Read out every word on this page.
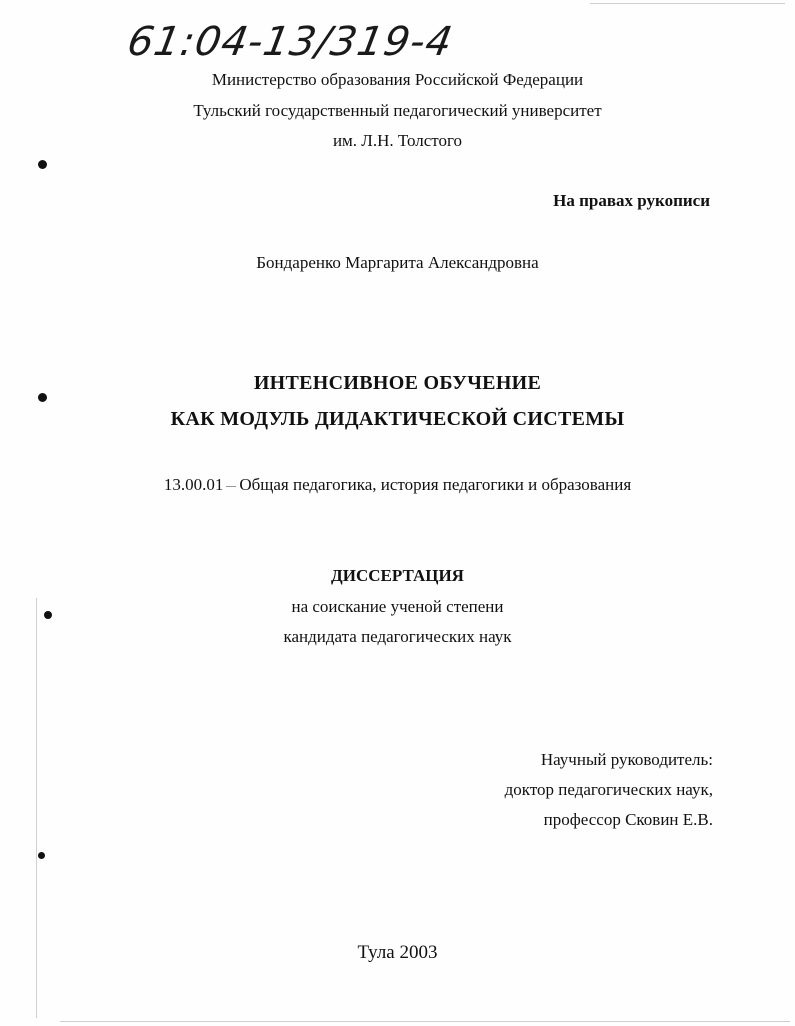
61:04-13/319-4
Министерство образования Российской Федерации
Тульский государственный педагогический университет
им. Л.Н. Толстого
На правах рукописи
Бондаренко Маргарита Александровна
ИНТЕНСИВНОЕ ОБУЧЕНИЕ
КАК МОДУЛЬ ДИДАКТИЧЕСКОЙ СИСТЕМЫ
13.00.01 Общая педагогика, история педагогики и образования
ДИССЕРТАЦИЯ
на соискание ученой степени
кандидата педагогических наук
Научный руководитель:
доктор педагогических наук,
профессор Сковин Е.В.
Тула 2003
